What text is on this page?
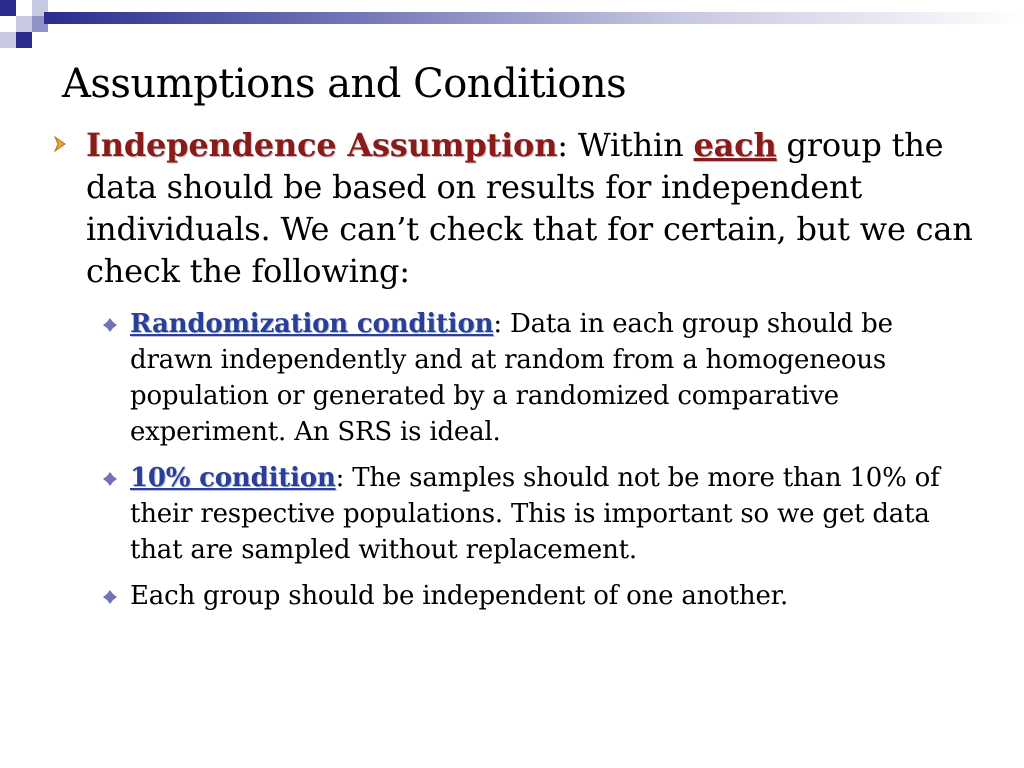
Assumptions and Conditions
Independence Assumption: Within each group the data should be based on results for independent individuals. We can’t check that for certain, but we can check the following:
Randomization condition: Data in each group should be drawn independently and at random from a homogeneous population or generated by a randomized comparative experiment. An SRS is ideal.
10% condition: The samples should not be more than 10% of their respective populations. This is important so we get data that are sampled without replacement.
Each group should be independent of one another.
